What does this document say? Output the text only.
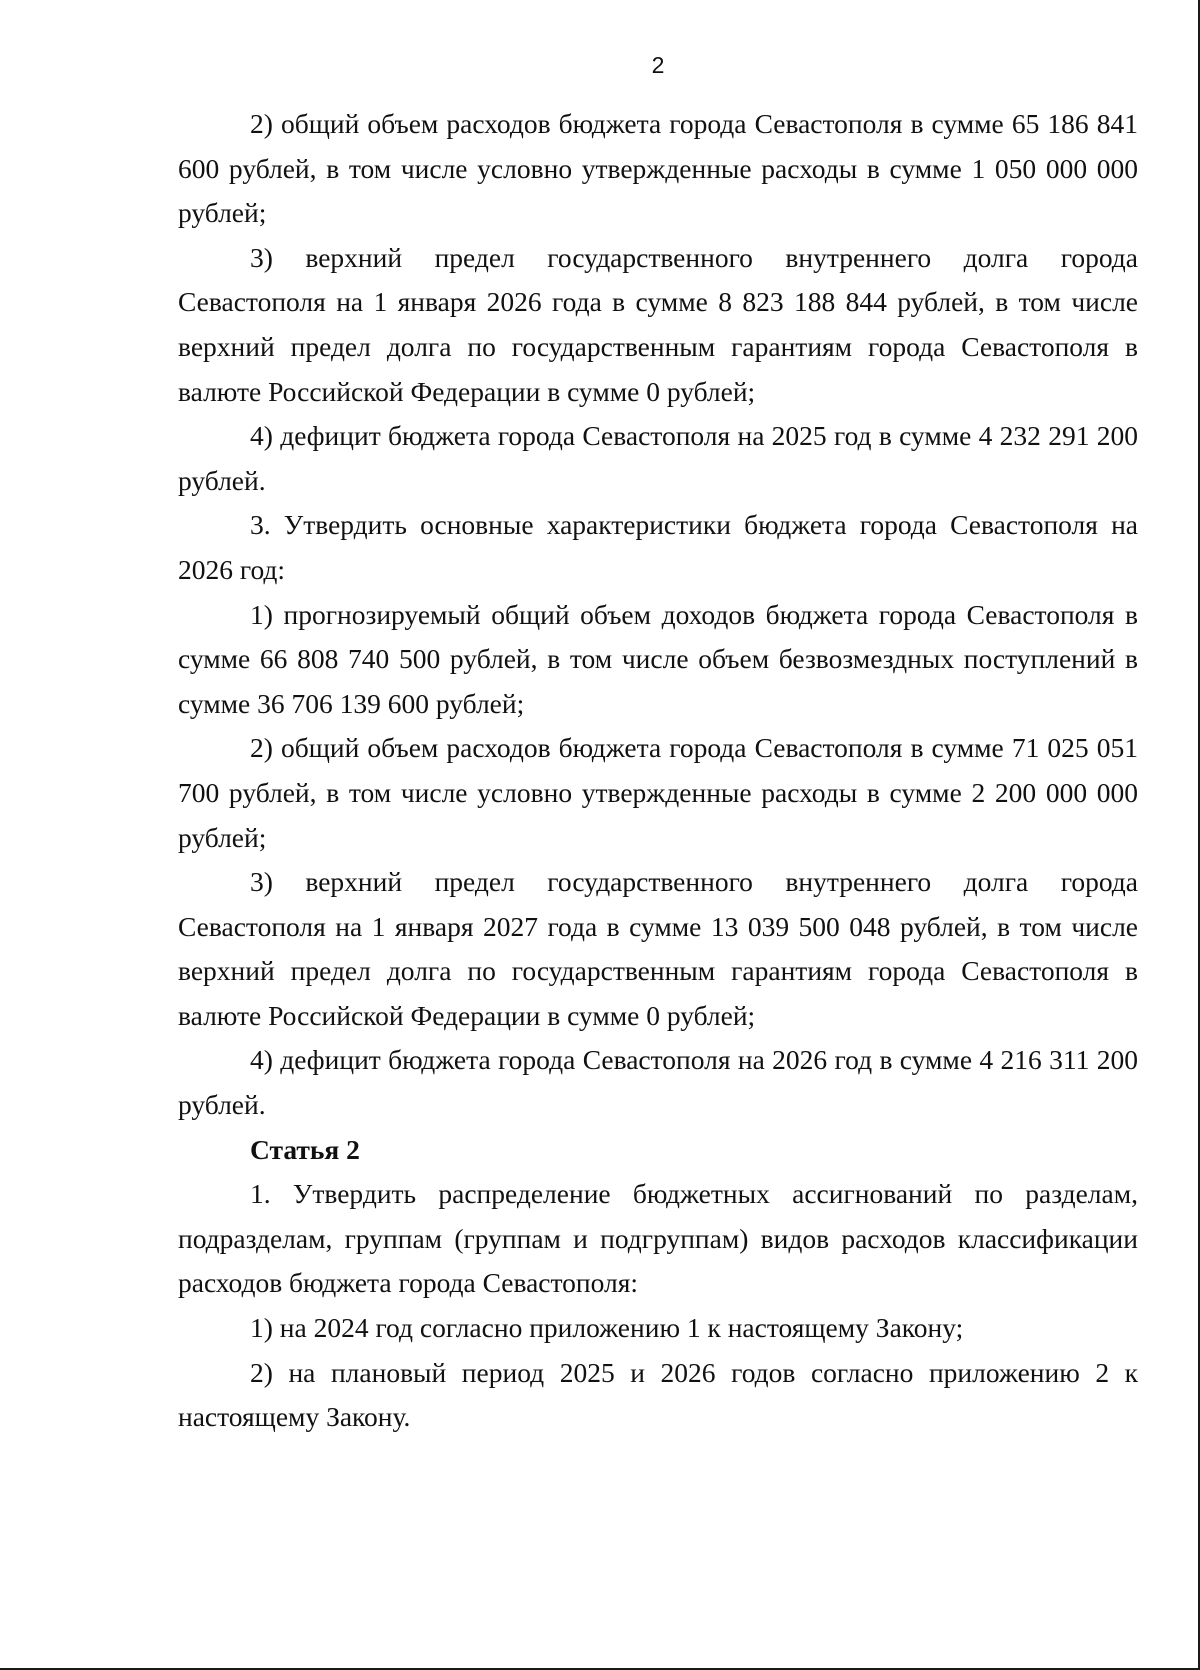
2

2) общий объем расходов бюджета города Севастополя в сумме 65 186 841 600 рублей, в том числе условно утвержденные расходы в сумме 1 050 000 000 рублей;

3) верхний предел государственного внутреннего долга города Севастополя на 1 января 2026 года в сумме 8 823 188 844 рублей, в том числе верхний предел долга по государственным гарантиям города Севастополя в валюте Российской Федерации в сумме 0 рублей;

4) дефицит бюджета города Севастополя на 2025 год в сумме 4 232 291 200 рублей.

3. Утвердить основные характеристики бюджета города Севастополя на 2026 год:

1) прогнозируемый общий объем доходов бюджета города Севастополя в сумме 66 808 740 500 рублей, в том числе объем безвозмездных поступлений в сумме 36 706 139 600 рублей;

2) общий объем расходов бюджета города Севастополя в сумме 71 025 051 700 рублей, в том числе условно утвержденные расходы в сумме 2 200 000 000 рублей;

3) верхний предел государственного внутреннего долга города Севастополя на 1 января 2027 года в сумме 13 039 500 048 рублей, в том числе верхний предел долга по государственным гарантиям города Севастополя в валюте Российской Федерации в сумме 0 рублей;

4) дефицит бюджета города Севастополя на 2026 год в сумме 4 216 311 200 рублей.

Статья 2

1. Утвердить распределение бюджетных ассигнований по разделам, подразделам, группам (группам и подгруппам) видов расходов классификации расходов бюджета города Севастополя:

1) на 2024 год согласно приложению 1 к настоящему Закону;

2) на плановый период 2025 и 2026 годов согласно приложению 2 к настоящему Закону.
